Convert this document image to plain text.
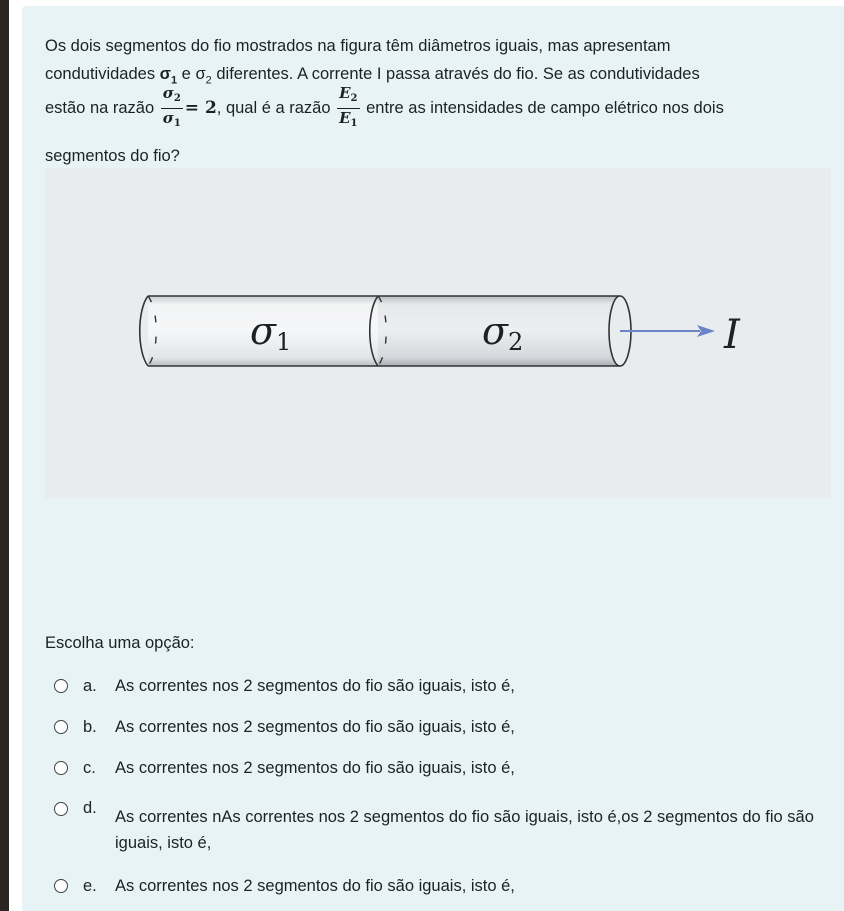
Os dois segmentos do fio mostrados na figura têm diâmetros iguais, mas apresentam
condutividades $\sigma_1$ e $\sigma_2$ diferentes. A corrente I passa através do fio. Se as condutividades
estão na razão $\frac{\sigma_2}{\sigma_1} = 2$, qual é a razão $\frac{E_2}{E_1}$ entre as intensidades de campo elétrico nos dois
segmentos do fio?
σ1	σ2	I
Escolha uma opção:
a. As correntes nos 2 segmentos do fio são iguais, isto é,
b. As correntes nos 2 segmentos do fio são iguais, isto é,
c. As correntes nos 2 segmentos do fio são iguais, isto é,
d. As correntes nAs correntes nos 2 segmentos do fio são iguais, isto é,os 2 segmentos do fio são iguais, isto é,
e. As correntes nos 2 segmentos do fio são iguais, isto é,
